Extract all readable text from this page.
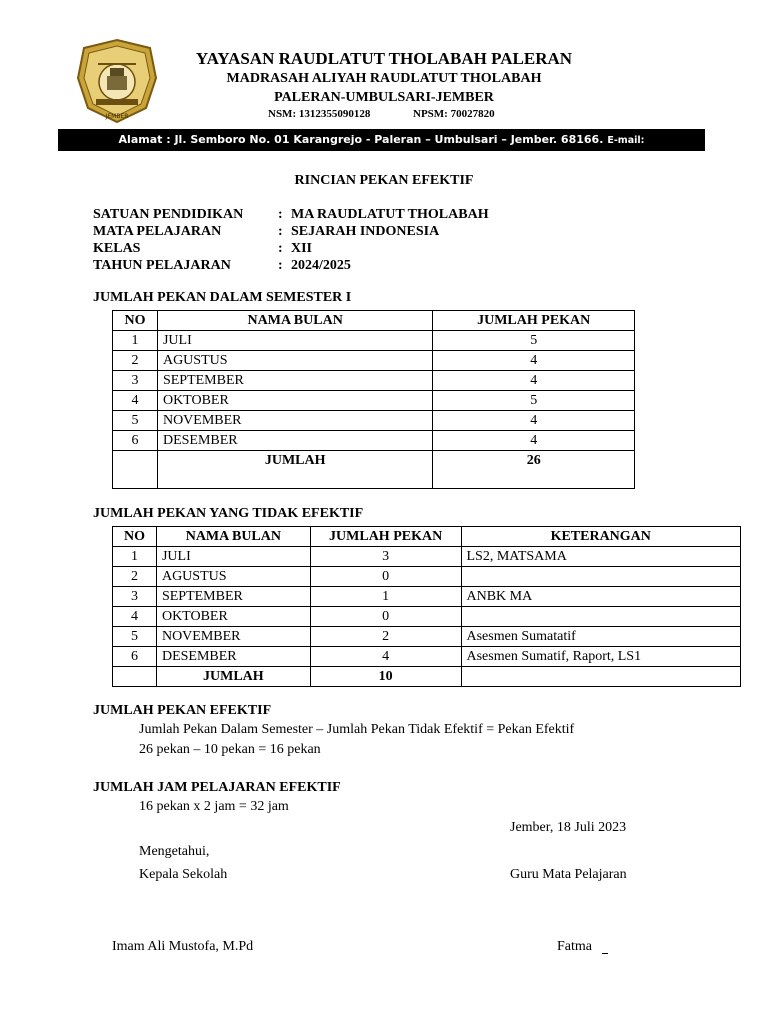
JEMBER
YAYASAN RAUDLATUT THOLABAH PALERAN
MADRASAH ALIYAH RAUDLATUT THOLABAH
PALERAN-UMBULSARI-JEMBER
NSM: 1312355090128	NPSM: 70027820
Alamat : Jl. Semboro No. 01 Karangrejo - Paleran – Umbulsari – Jember. 68166. E-mail:
RINCIAN PEKAN EFEKTIF
SATUAN PENDIDIKAN	: MA RAUDLATUT THOLABAH
MATA PELAJARAN	: SEJARAH INDONESIA
KELAS	: XII
TAHUN PELAJARAN	: 2024/2025
JUMLAH PEKAN DALAM SEMESTER I
NO	NAMA BULAN	JUMLAH PEKAN
1	JULI	5
2	AGUSTUS	4
3	SEPTEMBER	4
4	OKTOBER	5
5	NOVEMBER	4
6	DESEMBER	4
	JUMLAH	26
JUMLAH PEKAN YANG TIDAK EFEKTIF
NO	NAMA BULAN	JUMLAH PEKAN	KETERANGAN
1	JULI	3	LS2, MATSAMA
2	AGUSTUS	0	
3	SEPTEMBER	1	ANBK MA
4	OKTOBER	0	
5	NOVEMBER	2	Asesmen Sumatatif
6	DESEMBER	4	Asesmen Sumatif, Raport, LS1
	JUMLAH	10	
JUMLAH PEKAN EFEKTIF
Jumlah Pekan Dalam Semester – Jumlah Pekan Tidak Efektif = Pekan Efektif
26 pekan – 10 pekan = 16 pekan
JUMLAH JAM PELAJARAN EFEKTIF
16 pekan x 2 jam = 32 jam
Jember, 18 Juli 2023
Mengetahui,
Kepala Sekolah	Guru Mata Pelajaran
Imam Ali Mustofa, M.Pd	Fatma
